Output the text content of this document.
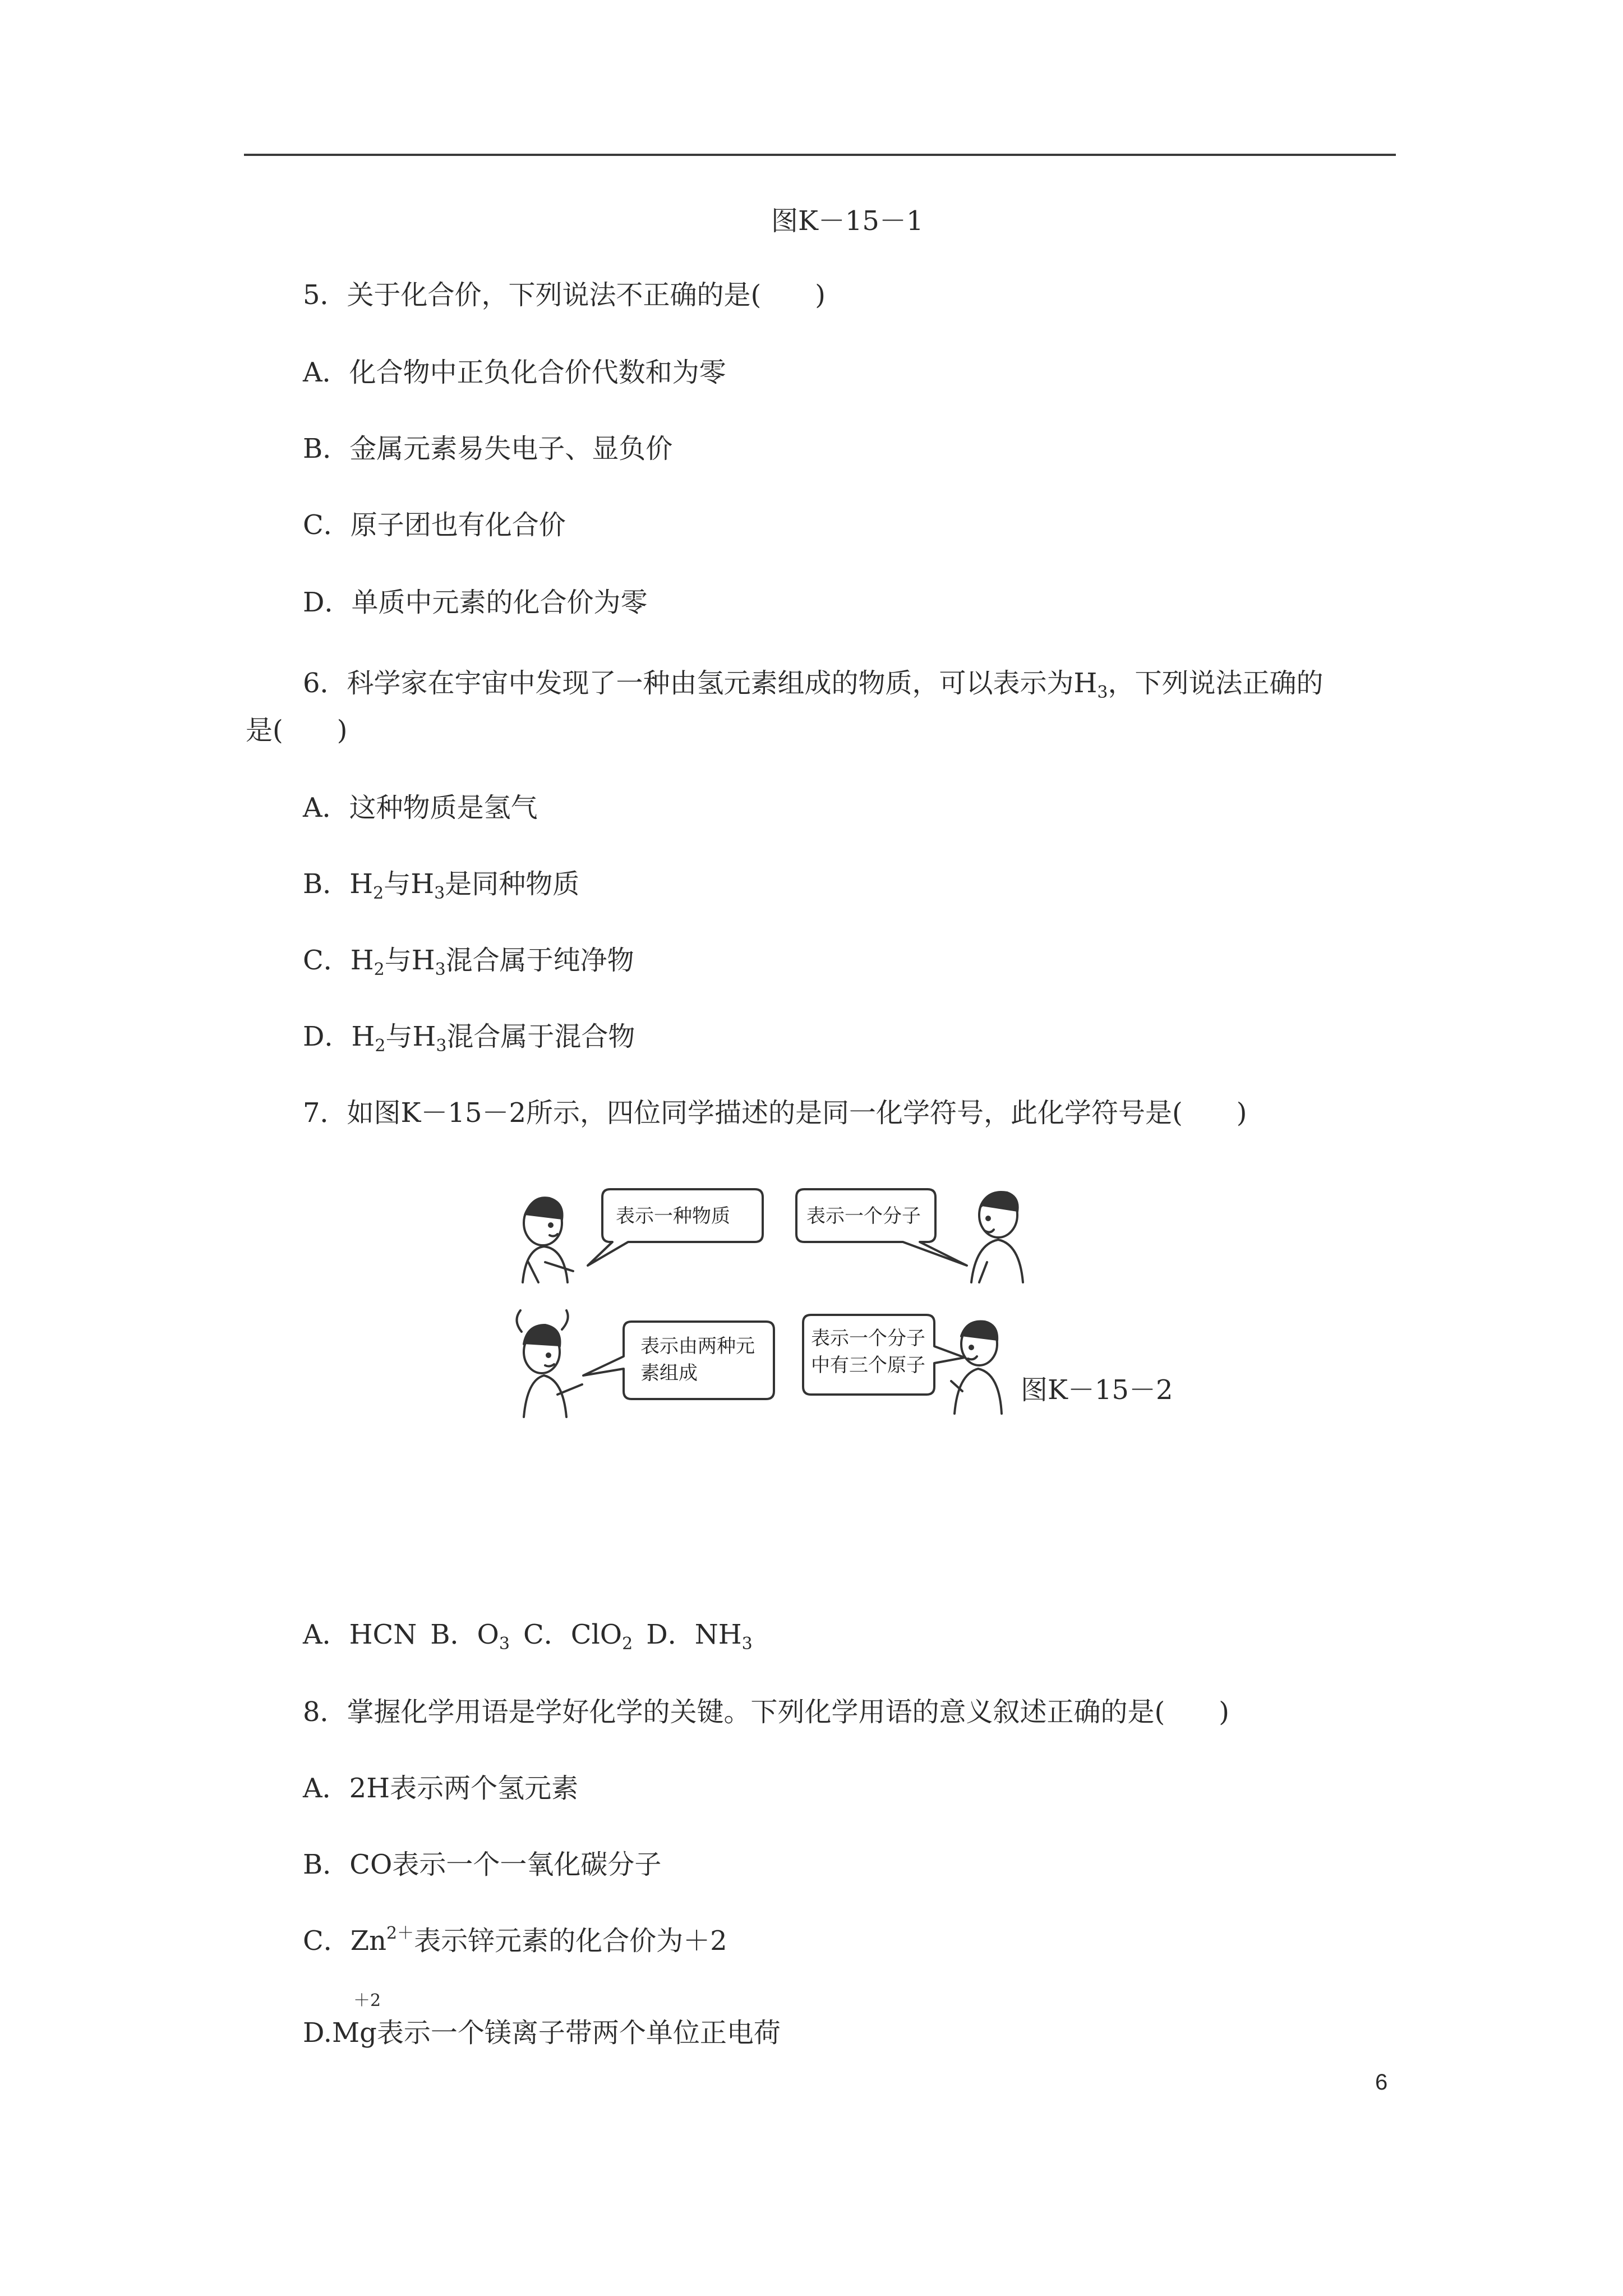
图K－15－1
5．关于化合价，下列说法不正确的是(　　)
A．化合物中正负化合价代数和为零
B．金属元素易失电子、显负价
C．原子团也有化合价
D．单质中元素的化合价为零
6．科学家在宇宙中发现了一种由氢元素组成的物质，可以表示为$H_3$，下列说法正确的
是(　　)
A．这种物质是氢气
B．$H_2$与$H_3$是同种物质
C．$H_2$与$H_3$混合属于纯净物
D．$H_2$与$H_3$混合属于混合物
7．如图K－15－2所示，四位同学描述的是同一化学符号，此化学符号是(　　)
表示一种物质	表示一个分子
表示由两种元
素组成
表示一个分子
中有三个原子
图K－15－2
A．HCN  B．$O_3$  C．ClO$_2$  D．$NH_3$
8．掌握化学用语是学好化学的关键。下列化学用语的意义叙述正确的是(　　)
A．2H表示两个氢元素
B．CO表示一个一氧化碳分子
C．$Zn^{2+}$表示锌元素的化合价为＋2
D.
＋2
Mg表示一个镁离子带两个单位正电荷
6
